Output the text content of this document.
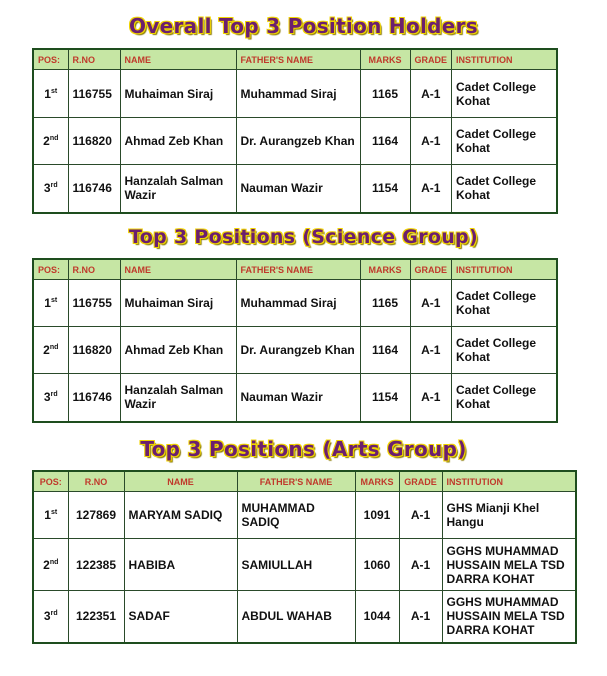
Overall Top 3 Position Holders
POS:	R.NO	NAME	FATHER'S NAME	MARKS	GRADE	INSTITUTION
1st	116755	Muhaiman Siraj	Muhammad Siraj	1165	A-1	Cadet College Kohat
2nd	116820	Ahmad Zeb Khan	Dr. Aurangzeb Khan	1164	A-1	Cadet College Kohat
3rd	116746	Hanzalah Salman Wazir	Nauman Wazir	1154	A-1	Cadet College Kohat
Top 3 Positions (Science Group)
POS:	R.NO	NAME	FATHER'S NAME	MARKS	GRADE	INSTITUTION
1st	116755	Muhaiman Siraj	Muhammad Siraj	1165	A-1	Cadet College Kohat
2nd	116820	Ahmad Zeb Khan	Dr. Aurangzeb Khan	1164	A-1	Cadet College Kohat
3rd	116746	Hanzalah Salman Wazir	Nauman Wazir	1154	A-1	Cadet College Kohat
Top 3 Positions (Arts Group)
POS:	R.NO	NAME	FATHER'S NAME	MARKS	GRADE	INSTITUTION
1st	127869	MARYAM SADIQ	MUHAMMAD SADIQ	1091	A-1	GHS Mianji Khel Hangu
2nd	122385	HABIBA	SAMIULLAH	1060	A-1	GGHS MUHAMMAD HUSSAIN MELA TSD DARRA KOHAT
3rd	122351	SADAF	ABDUL WAHAB	1044	A-1	GGHS MUHAMMAD HUSSAIN MELA TSD DARRA KOHAT
